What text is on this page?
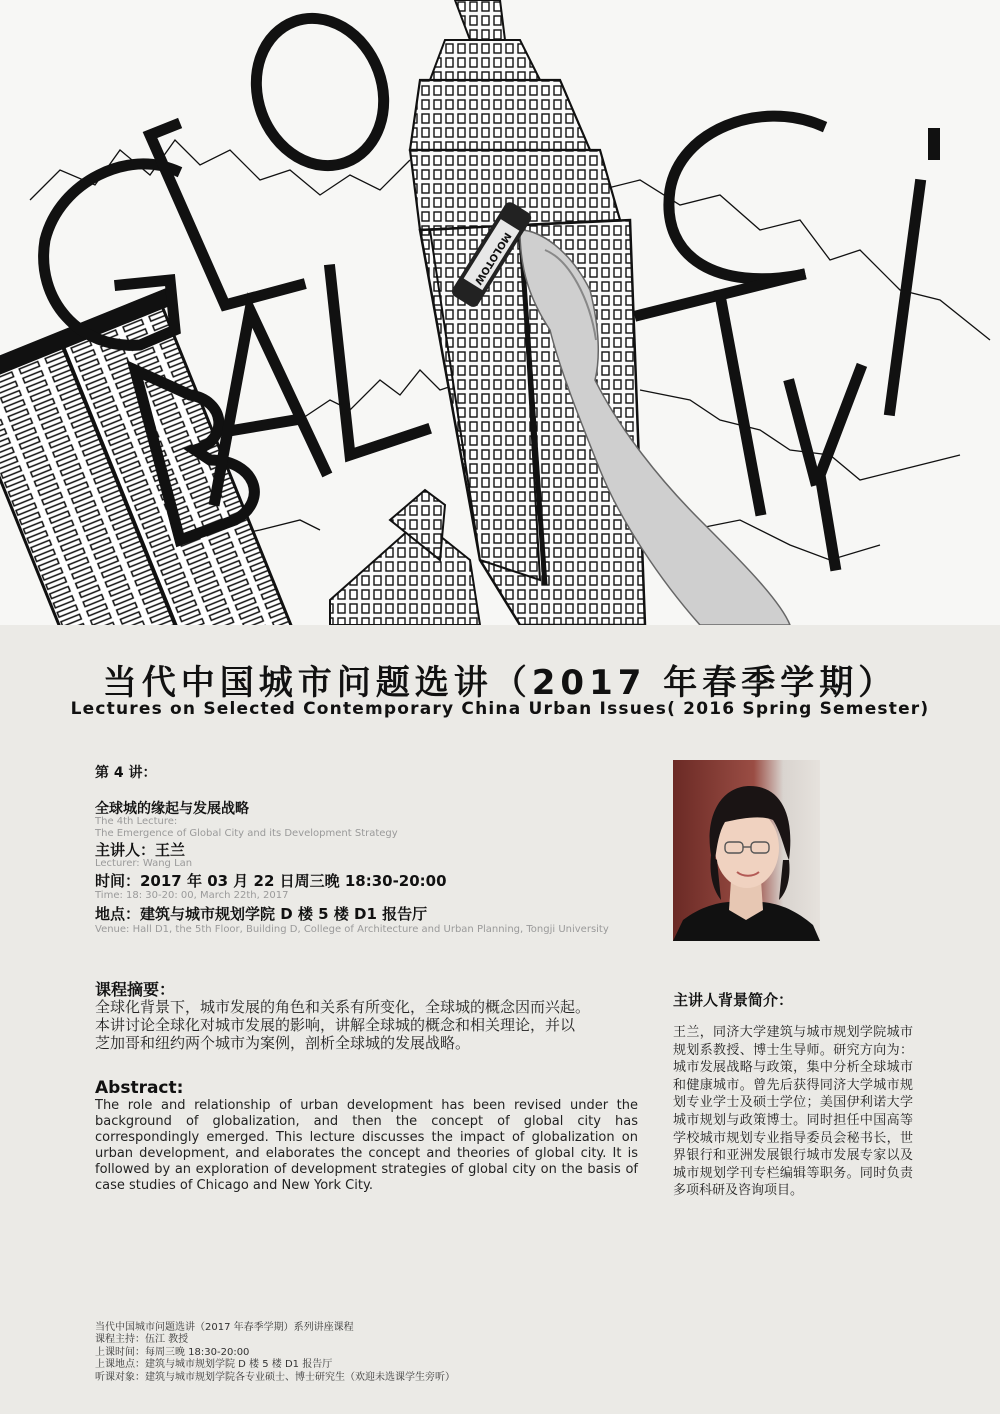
MOLOTOW
当代中国城市问题选讲（2017 年春季学期）
Lectures on Selected Contemporary China Urban Issues( 2016 Spring Semester)
第 4 讲：
全球城的缘起与发展战略
The 4th Lecture:
The Emergence of Global City and its Development Strategy
主讲人：王兰
Lecturer: Wang Lan
时间：2017 年 03 月 22 日周三晚 18:30-20:00
Time: 18: 30-20: 00, March 22th, 2017
地点：建筑与城市规划学院 D 楼 5 楼 D1 报告厅
Venue: Hall D1, the 5th Floor, Building D, College of Architecture and Urban Planning, Tongji University
课程摘要：
全球化背景下，城市发展的角色和关系有所变化，全球城的概念因而兴起。
本讲讨论全球化对城市发展的影响，讲解全球城的概念和相关理论，并以
芝加哥和纽约两个城市为案例，剖析全球城的发展战略。
Abstract:
The role and relationship of urban development has been revised under the background of globalization, and then the concept of global city has correspondingly emerged. This lecture discusses the impact of globalization on urban development, and elaborates the concept and theories of global city. It is followed by an exploration of development strategies of global city on the basis of case studies of Chicago and New York City.
主讲人背景简介：
王兰，同济大学建筑与城市规划学院城市规划系教授、博士生导师。研究方向为：城市发展战略与政策，集中分析全球城市和健康城市。曾先后获得同济大学城市规划专业学士及硕士学位；美国伊利诺大学城市规划与政策博士。同时担任中国高等学校城市规划专业指导委员会秘书长，世界银行和亚洲发展银行城市发展专家以及城市规划学刊专栏编辑等职务。同时负责多项科研及咨询项目。
当代中国城市问题选讲（2017 年春季学期）系列讲座课程
课程主持：伍江 教授
上课时间：每周三晚 18:30-20:00
上课地点：建筑与城市规划学院 D 楼 5 楼 D1 报告厅
听课对象：建筑与城市规划学院各专业硕士、博士研究生（欢迎未选课学生旁听）
